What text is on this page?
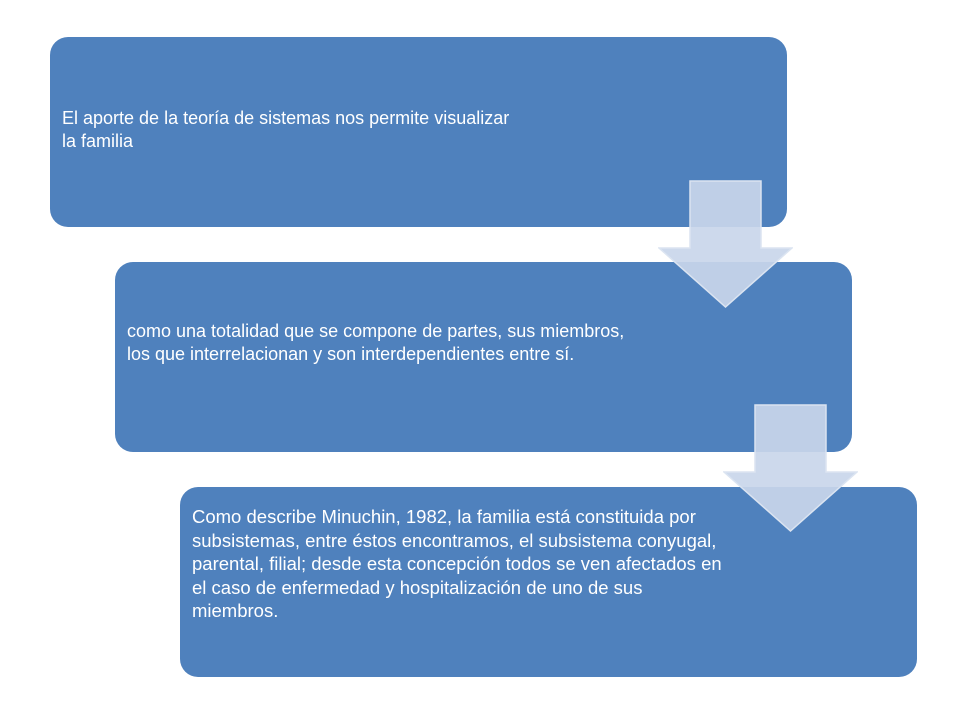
El aporte de la teoría de sistemas nos permite visualizar la familia
como una totalidad que se compone de partes, sus miembros, los que interrelacionan y son interdependientes entre sí.
Como describe Minuchin, 1982, la familia está constituida por subsistemas, entre éstos encontramos, el subsistema conyugal, parental, filial; desde esta concepción todos se ven afectados en el caso de enfermedad y hospitalización de uno de sus miembros.
